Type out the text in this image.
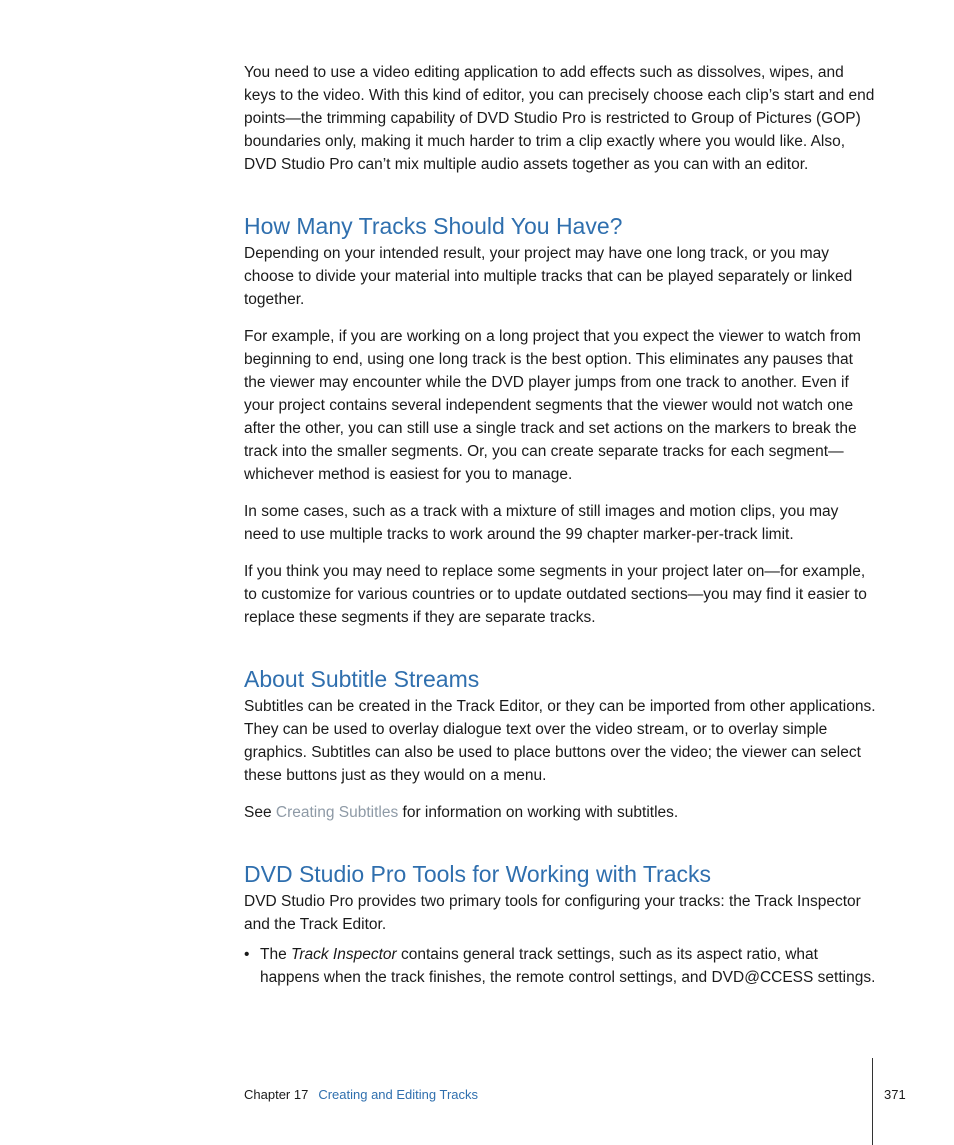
You need to use a video editing application to add effects such as dissolves, wipes, and keys to the video. With this kind of editor, you can precisely choose each clip’s start and end points—the trimming capability of DVD Studio Pro is restricted to Group of Pictures (GOP) boundaries only, making it much harder to trim a clip exactly where you would like. Also, DVD Studio Pro can’t mix multiple audio assets together as you can with an editor.

How Many Tracks Should You Have?

Depending on your intended result, your project may have one long track, or you may choose to divide your material into multiple tracks that can be played separately or linked together.

For example, if you are working on a long project that you expect the viewer to watch from beginning to end, using one long track is the best option. This eliminates any pauses that the viewer may encounter while the DVD player jumps from one track to another. Even if your project contains several independent segments that the viewer would not watch one after the other, you can still use a single track and set actions on the markers to break the track into the smaller segments. Or, you can create separate tracks for each segment—whichever method is easiest for you to manage.

In some cases, such as a track with a mixture of still images and motion clips, you may need to use multiple tracks to work around the 99 chapter marker-per-track limit.

If you think you may need to replace some segments in your project later on—for example, to customize for various countries or to update outdated sections—you may find it easier to replace these segments if they are separate tracks.

About Subtitle Streams

Subtitles can be created in the Track Editor, or they can be imported from other applications. They can be used to overlay dialogue text over the video stream, or to overlay simple graphics. Subtitles can also be used to place buttons over the video; the viewer can select these buttons just as they would on a menu.

See Creating Subtitles for information on working with subtitles.

DVD Studio Pro Tools for Working with Tracks

DVD Studio Pro provides two primary tools for configuring your tracks: the Track Inspector and the Track Editor.

• The Track Inspector contains general track settings, such as its aspect ratio, what happens when the track finishes, the remote control settings, and DVD@CCESS settings.

Chapter 17 Creating and Editing Tracks	371
